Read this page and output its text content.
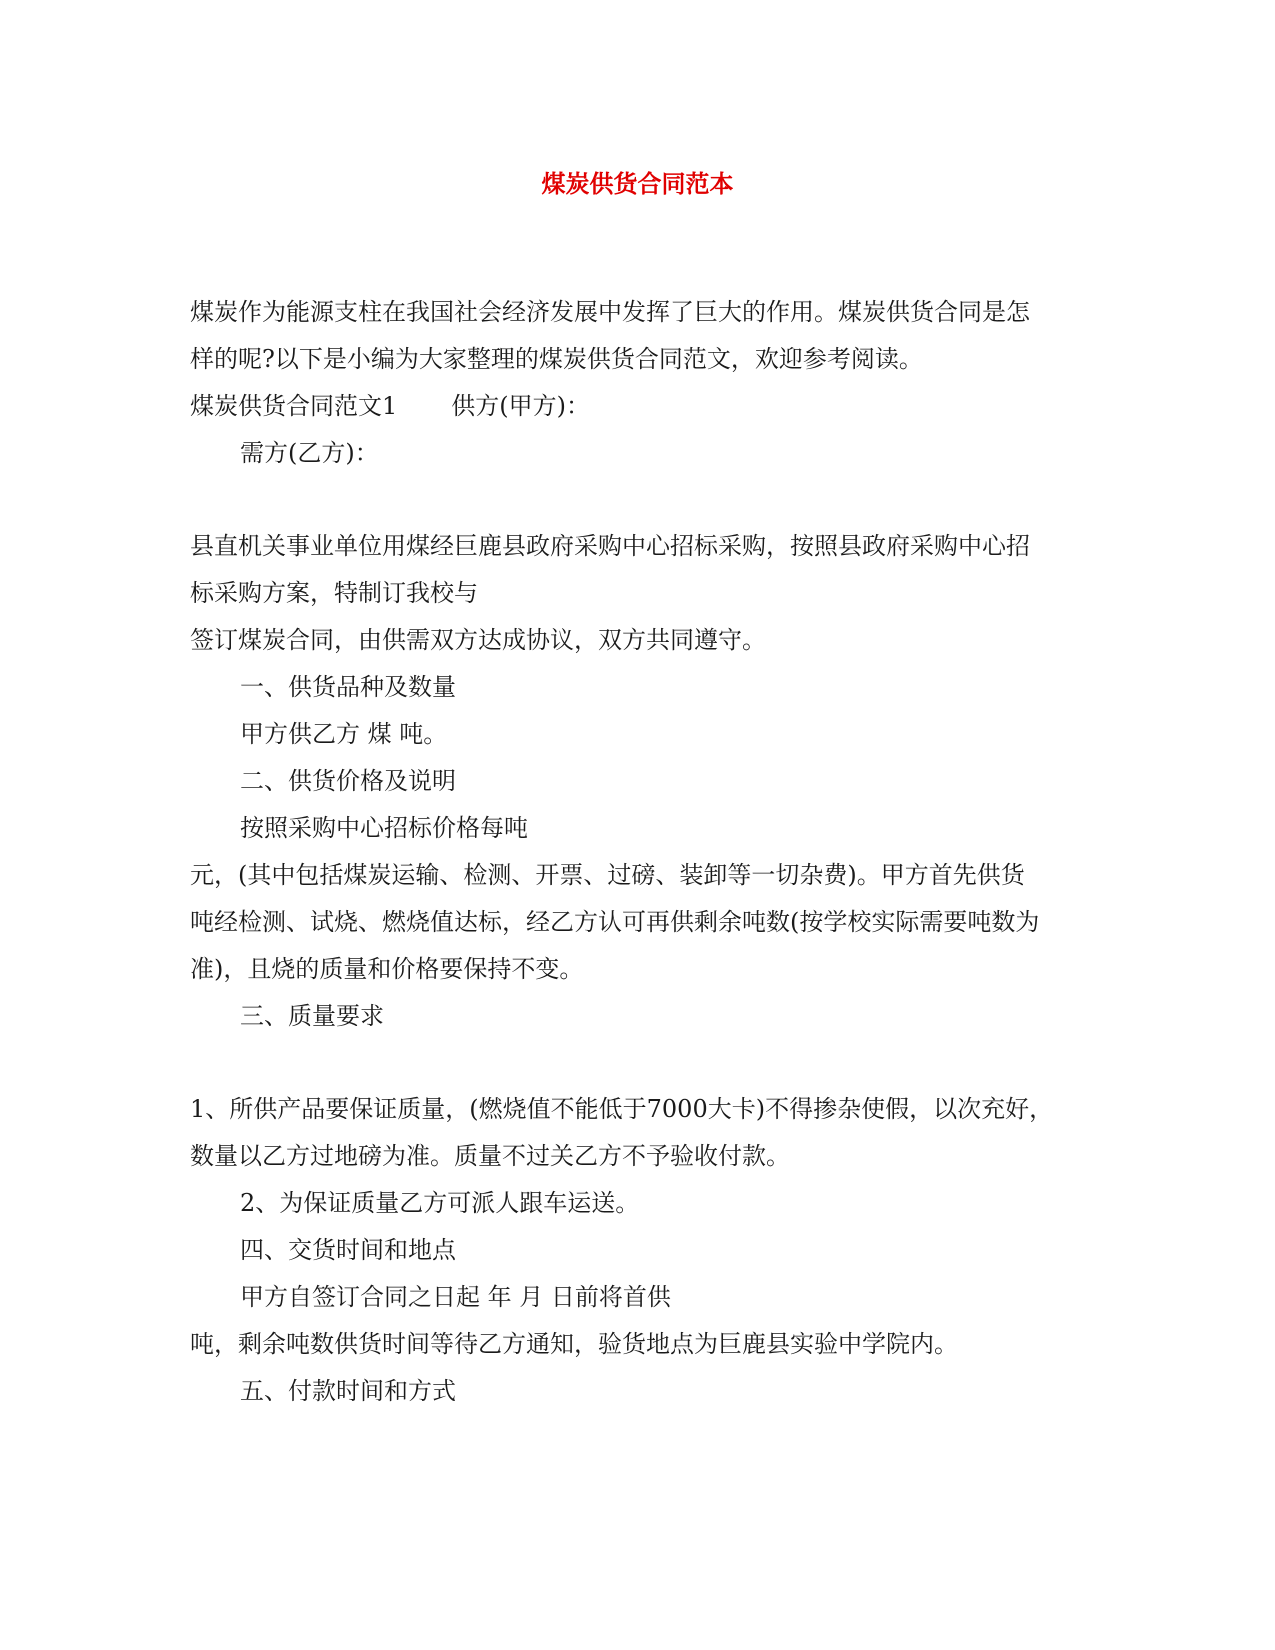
煤炭供货合同范本
煤炭作为能源支柱在我国社会经济发展中发挥了巨大的作用。煤炭供货合同是怎
样的呢?以下是小编为大家整理的煤炭供货合同范文，欢迎参考阅读。
煤炭供货合同范文1 供方(甲方)：
需方(乙方)：
县直机关事业单位用煤经巨鹿县政府采购中心招标采购，按照县政府采购中心招
标采购方案，特制订我校与
签订煤炭合同，由供需双方达成协议，双方共同遵守。
一、供货品种及数量
甲方供乙方 煤 吨。
二、供货价格及说明
按照采购中心招标价格每吨
元，(其中包括煤炭运输、检测、开票、过磅、装卸等一切杂费)。甲方首先供货
吨经检测、试烧、燃烧值达标，经乙方认可再供剩余吨数(按学校实际需要吨数为
准)，且烧的质量和价格要保持不变。
三、质量要求
1、所供产品要保证质量，(燃烧值不能低于7000大卡)不得掺杂使假，以次充好，
数量以乙方过地磅为准。质量不过关乙方不予验收付款。
2、为保证质量乙方可派人跟车运送。
四、交货时间和地点
甲方自签订合同之日起 年 月 日前将首供
吨，剩余吨数供货时间等待乙方通知，验货地点为巨鹿县实验中学院内。
五、付款时间和方式
